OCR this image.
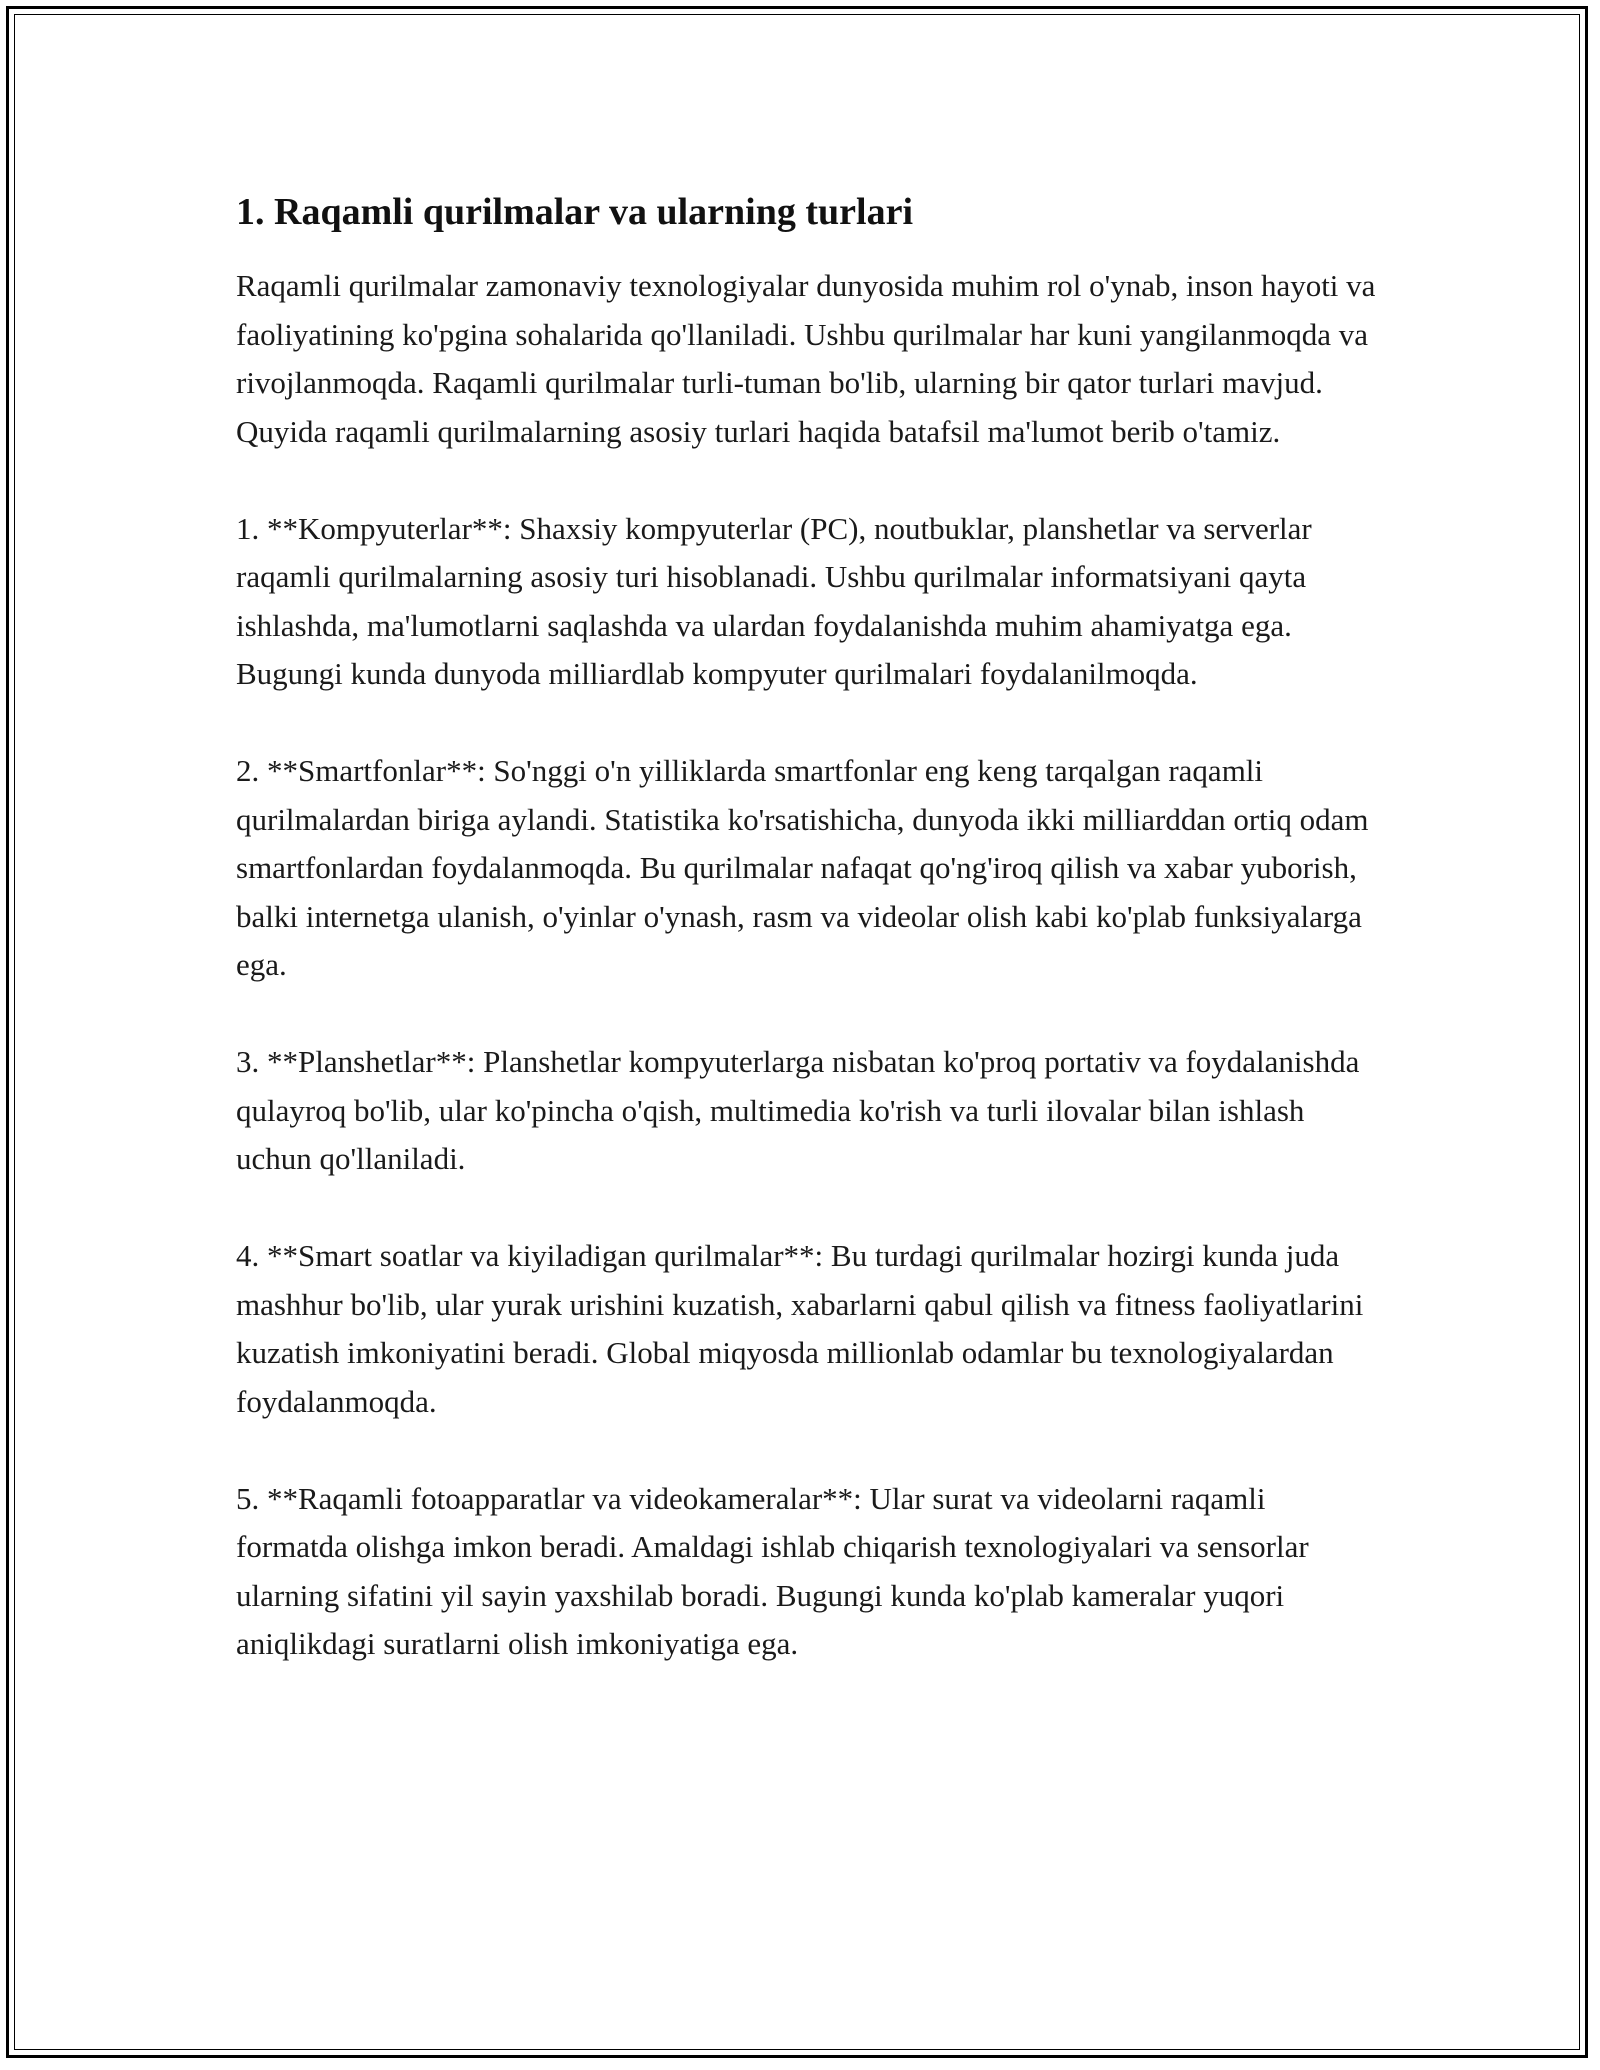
1. Raqamli qurilmalar va ularning turlari

Raqamli qurilmalar zamonaviy texnologiyalar dunyosida muhim rol o'ynab, inson hayoti va faoliyatining ko'pgina sohalarida qo'llaniladi. Ushbu qurilmalar har kuni yangilanmoqda va rivojlanmoqda. Raqamli qurilmalar turli-tuman bo'lib, ularning bir qator turlari mavjud. Quyida raqamli qurilmalarning asosiy turlari haqida batafsil ma'lumot berib o'tamiz.

1. **Kompyuterlar**: Shaxsiy kompyuterlar (PC), noutbuklar, planshetlar va serverlar raqamli qurilmalarning asosiy turi hisoblanadi. Ushbu qurilmalar informatsiyani qayta ishlashda, ma'lumotlarni saqlashda va ulardan foydalanishda muhim ahamiyatga ega. Bugungi kunda dunyoda milliardlab kompyuter qurilmalari foydalanilmoqda.

2. **Smartfonlar**: So'nggi o'n yilliklarda smartfonlar eng keng tarqalgan raqamli qurilmalardan biriga aylandi. Statistika ko'rsatishicha, dunyoda ikki milliarddan ortiq odam smartfonlardan foydalanmoqda. Bu qurilmalar nafaqat qo'ng'iroq qilish va xabar yuborish, balki internetga ulanish, o'yinlar o'ynash, rasm va videolar olish kabi ko'plab funksiyalarga ega.

3. **Planshetlar**: Planshetlar kompyuterlarga nisbatan ko'proq portativ va foydalanishda qulayroq bo'lib, ular ko'pincha o'qish, multimedia ko'rish va turli ilovalar bilan ishlash uchun qo'llaniladi.

4. **Smart soatlar va kiyiladigan qurilmalar**: Bu turdagi qurilmalar hozirgi kunda juda mashhur bo'lib, ular yurak urishini kuzatish, xabarlarni qabul qilish va fitness faoliyatlarini kuzatish imkoniyatini beradi. Global miqyosda millionlab odamlar bu texnologiyalardan foydalanmoqda.

5. **Raqamli fotoapparatlar va videokameralar**: Ular surat va videolarni raqamli formatda olishga imkon beradi. Amaldagi ishlab chiqarish texnologiyalari va sensorlar ularning sifatini yil sayin yaxshilab boradi. Bugungi kunda ko'plab kameralar yuqori aniqlikdagi suratlarni olish imkoniyatiga ega.
